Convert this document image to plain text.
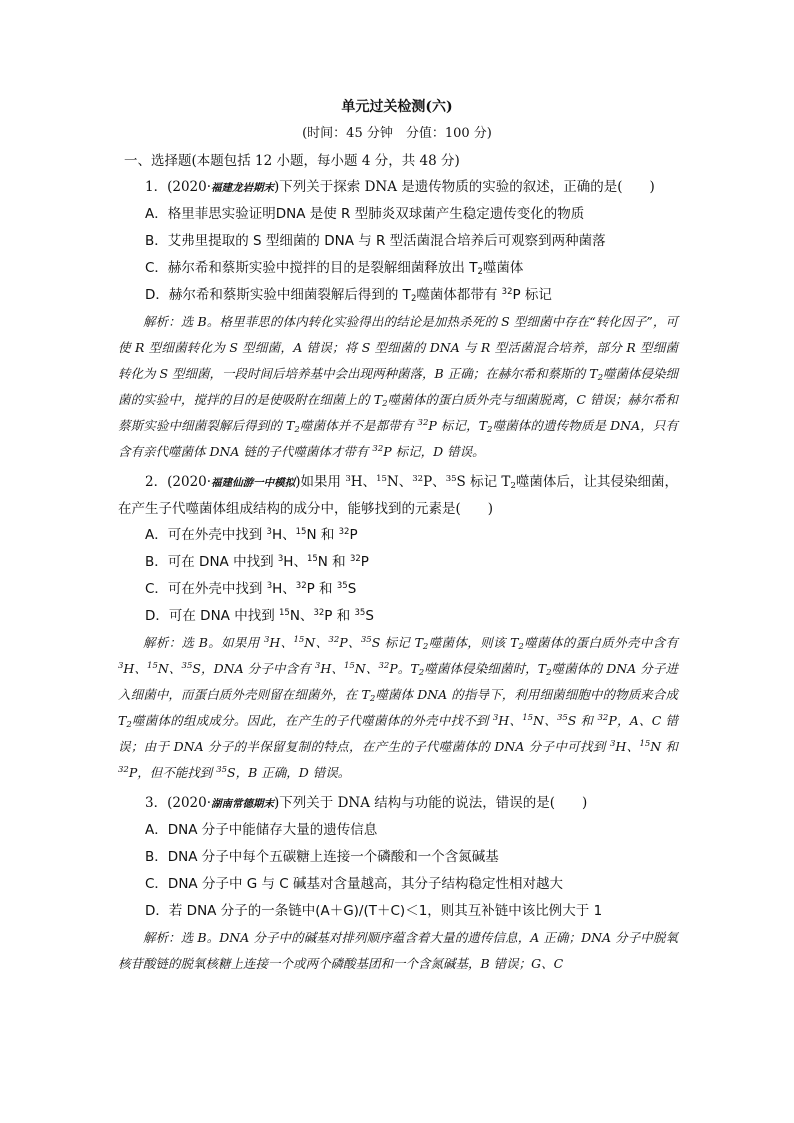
单元过关检测(六)
(时间：45 分钟　分值：100 分)
一、选择题(本题包括 12 小题，每小题 4 分，共 48 分)
1．(2020·福建龙岩期末)下列关于探索 DNA 是遗传物质的实验的叙述，正确的是(　　)
A．格里菲思实验证明DNA 是使 R 型肺炎双球菌产生稳定遗传变化的物质
B．艾弗里提取的 S 型细菌的 DNA 与 R 型活菌混合培养后可观察到两种菌落
C．赫尔希和蔡斯实验中搅拌的目的是裂解细菌释放出 $T_2$噬菌体
D．赫尔希和蔡斯实验中细菌裂解后得到的 $T_2$噬菌体都带有 $^{32}$P 标记
解析：选 B。格里菲思的体内转化实验得出的结论是加热杀死的 S 型细菌中存在“转化因子”，可使 R 型细菌转化为 S 型细菌，A 错误；将 S 型细菌的 DNA 与 R 型活菌混合培养，部分 R 型细菌转化为 S 型细菌，一段时间后培养基中会出现两种菌落，B 正确；在赫尔希和蔡斯的 $T_2$噬菌体侵染细菌的实验中，搅拌的目的是使吸附在细菌上的 $T_2$噬菌体的蛋白质外壳与细菌脱离，C 错误；赫尔希和蔡斯实验中细菌裂解后得到的 $T_2$噬菌体并不是都带有 $^{32}$P 标记，$T_2$噬菌体的遗传物质是 DNA，只有含有亲代噬菌体 DNA 链的子代噬菌体才带有 $^{32}$P 标记，D 错误。
2．(2020·福建仙游一中模拟)如果用 $^3$H、$^{15}$N、$^{32}$P、$^{35}$S 标记 $T_2$噬菌体后，让其侵染细菌，在产生子代噬菌体组成结构的成分中，能够找到的元素是(　　)
A．可在外壳中找到 $^3$H、$^{15}$N 和 $^{32}$P
B．可在 DNA 中找到 $^3$H、$^{15}$N 和 $^{32}$P
C．可在外壳中找到 $^3$H、$^{32}$P 和 $^{35}$S
D．可在 DNA 中找到 $^{15}$N、$^{32}$P 和 $^{35}$S
解析：选 B。如果用 $^3$H、$^{15}$N、$^{32}$P、$^{35}$S 标记 $T_2$噬菌体，则该 $T_2$噬菌体的蛋白质外壳中含有 $^3$H、$^{15}$N、$^{35}$S，DNA 分子中含有 $^3$H、$^{15}$N、$^{32}$P。$T_2$噬菌体侵染细菌时，$T_2$噬菌体的 DNA 分子进入细菌中，而蛋白质外壳则留在细菌外，在 $T_2$噬菌体 DNA 的指导下，利用细菌细胞中的物质来合成 $T_2$噬菌体的组成成分。因此，在产生的子代噬菌体的外壳中找不到 $^3$H、$^{15}$N、$^{35}$S 和 $^{32}$P，A、C 错误；由于 DNA 分子的半保留复制的特点，在产生的子代噬菌体的 DNA 分子中可找到 $^3$H、$^{15}$N 和 $^{32}$P，但不能找到 $^{35}$S，B 正确，D 错误。
3．(2020·湖南常德期末)下列关于 DNA 结构与功能的说法，错误的是(　　)
A．DNA 分子中能储存大量的遗传信息
B．DNA 分子中每个五碳糖上连接一个磷酸和一个含氮碱基
C．DNA 分子中 G 与 C 碱基对含量越高，其分子结构稳定性相对越大
D．若 DNA 分子的一条链中(A＋G)/(T＋C)＜1，则其互补链中该比例大于 1
解析：选 B。DNA 分子中的碱基对排列顺序蕴含着大量的遗传信息，A 正确；DNA 分子中脱氧核苷酸链的脱氧核糖上连接一个或两个磷酸基团和一个含氮碱基，B 错误；G、C
